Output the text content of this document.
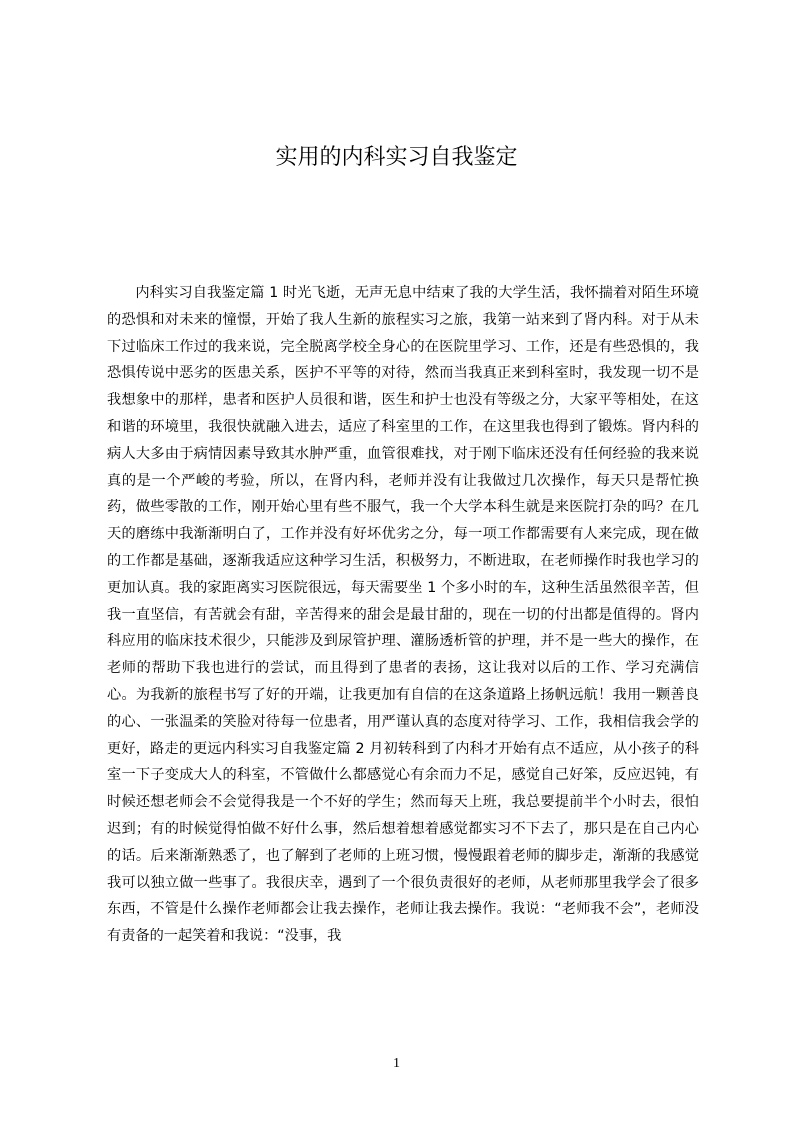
实用的内科实习自我鉴定

内科实习自我鉴定篇 1 时光飞逝，无声无息中结束了我的大学生活，我怀揣着对陌生环境的恐惧和对未来的憧憬，开始了我人生新的旅程实习之旅，我第一站来到了肾内科。对于从未下过临床工作过的我来说，完全脱离学校全身心的在医院里学习、工作，还是有些恐惧的，我恐惧传说中恶劣的医患关系，医护不平等的对待，然而当我真正来到科室时，我发现一切不是我想象中的那样，患者和医护人员很和谐，医生和护士也没有等级之分，大家平等相处，在这和谐的环境里，我很快就融入进去，适应了科室里的工作，在这里我也得到了锻炼。肾内科的病人大多由于病情因素导致其水肿严重，血管很难找，对于刚下临床还没有任何经验的我来说真的是一个严峻的考验，所以，在肾内科，老师并没有让我做过几次操作，每天只是帮忙换药，做些零散的工作，刚开始心里有些不服气，我一个大学本科生就是来医院打杂的吗？在几天的磨练中我渐渐明白了，工作并没有好坏优劣之分，每一项工作都需要有人来完成，现在做的工作都是基础，逐渐我适应这种学习生活，积极努力，不断进取，在老师操作时我也学习的更加认真。我的家距离实习医院很远，每天需要坐 1 个多小时的车，这种生活虽然很辛苦，但我一直坚信，有苦就会有甜，辛苦得来的甜会是最甘甜的，现在一切的付出都是值得的。肾内科应用的临床技术很少，只能涉及到尿管护理、灌肠透析管的护理，并不是一些大的操作，在老师的帮助下我也进行的尝试，而且得到了患者的表扬，这让我对以后的工作、学习充满信心。为我新的旅程书写了好的开端，让我更加有自信的在这条道路上扬帆远航！我用一颗善良的心、一张温柔的笑脸对待每一位患者，用严谨认真的态度对待学习、工作，我相信我会学的更好，路走的更远内科实习自我鉴定篇 2 月初转科到了内科才开始有点不适应，从小孩子的科室一下子变成大人的科室，不管做什么都感觉心有余而力不足，感觉自己好笨，反应迟钝，有时候还想老师会不会觉得我是一个不好的学生；然而每天上班，我总要提前半个小时去，很怕迟到；有的时候觉得怕做不好什么事，然后想着想着感觉都实习不下去了，那只是在自己内心的话。后来渐渐熟悉了，也了解到了老师的上班习惯，慢慢跟着老师的脚步走，渐渐的我感觉我可以独立做一些事了。我很庆幸，遇到了一个很负责很好的老师，从老师那里我学会了很多东西，不管是什么操作老师都会让我去操作，老师让我去操作。我说：“老师我不会”，老师没有责备的一起笑着和我说：“没事，我

1
